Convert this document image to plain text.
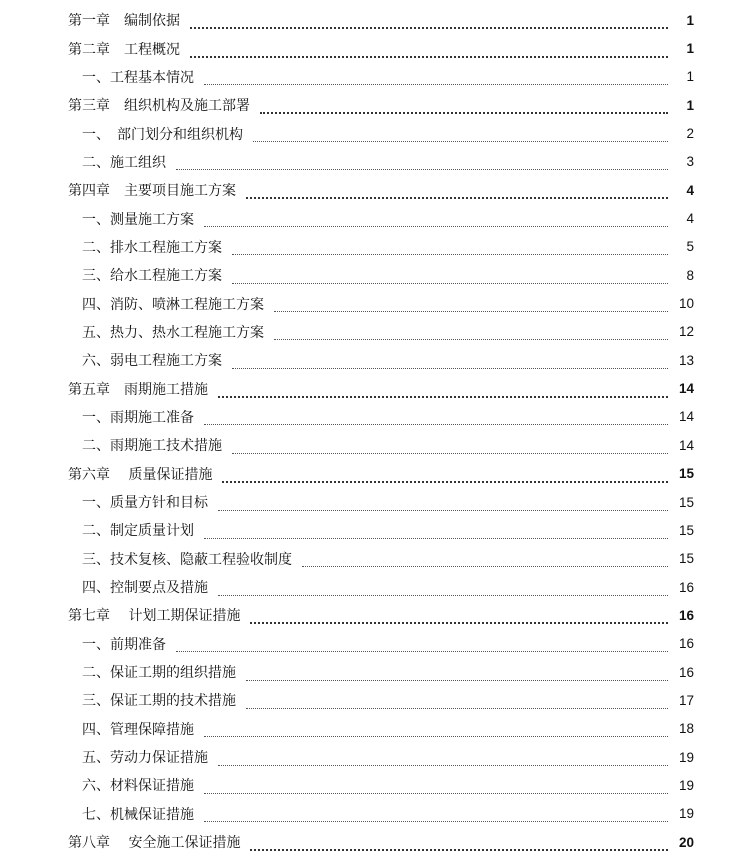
第一章　编制依据	1
第二章　工程概况	1
一、工程基本情况	1
第三章　组织机构及施工部署	1
一、　部门划分和组织机构	2
二、施工组织	3
第四章　主要项目施工方案	4
一、测量施工方案	4
二、排水工程施工方案	5
三、给水工程施工方案	8
四、消防、喷淋工程施工方案	10
五、热力、热水工程施工方案	12
六、弱电工程施工方案	13
第五章　雨期施工措施	14
一、雨期施工准备	14
二、雨期施工技术措施	14
第六章　 质量保证措施	15
一、质量方针和目标	15
二、制定质量计划	15
三、技术复核、隐蔽工程验收制度	15
四、控制要点及措施	16
第七章　 计划工期保证措施	16
一、前期准备	16
二、保证工期的组织措施	16
三、保证工期的技术措施	17
四、管理保障措施	18
五、劳动力保证措施	19
六、材料保证措施	19
七、机械保证措施	19
第八章　 安全施工保证措施	20
